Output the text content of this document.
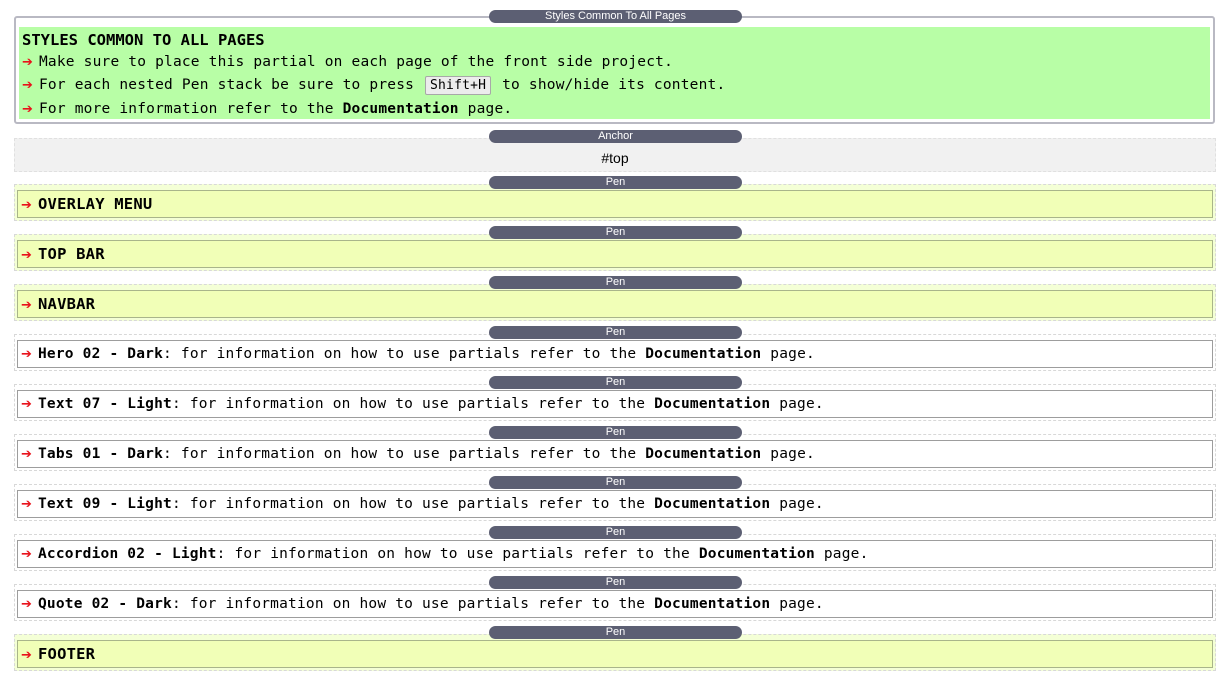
STYLES COMMON TO ALL PAGES
➔ Make sure to place this partial on each page of the front side project.
➔ For each nested Pen stack be sure to press Shift+H to show/hide its content.
➔ For more information refer to the Documentation page.
Styles Common To All Pages
#top
Anchor
➔ OVERLAY MENU
Pen
➔ TOP BAR
Pen
➔ NAVBAR
Pen
➔ Hero 02 - Dark: for information on how to use partials refer to the Documentation page.
Pen
➔ Text 07 - Light: for information on how to use partials refer to the Documentation page.
Pen
➔ Tabs 01 - Dark: for information on how to use partials refer to the Documentation page.
Pen
➔ Text 09 - Light: for information on how to use partials refer to the Documentation page.
Pen
➔ Accordion 02 - Light: for information on how to use partials refer to the Documentation page.
Pen
➔ Quote 02 - Dark: for information on how to use partials refer to the Documentation page.
Pen
➔ FOOTER
Pen
